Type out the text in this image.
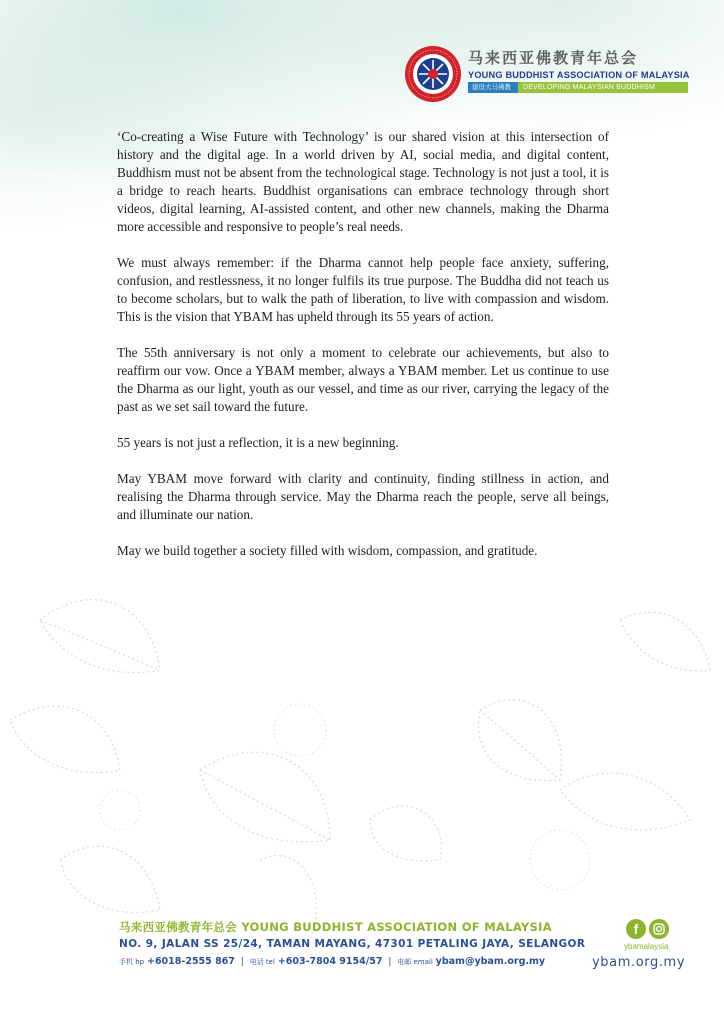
马来西亚佛教青年总会
YOUNG BUDDHIST ASSOCIATION OF MALAYSIA
建设大马佛教	DEVELOPING MALAYSIAN BUDDHISM

‘Co-creating a Wise Future with Technology’ is our shared vision at this intersection of history and the digital age. In a world driven by AI, social media, and digital content, Buddhism must not be absent from the technological stage. Technology is not just a tool, it is a bridge to reach hearts. Buddhist organisations can embrace technology through short videos, digital learning, AI-assisted content, and other new channels, making the Dharma more accessible and responsive to people’s real needs.

We must always remember: if the Dharma cannot help people face anxiety, suffering, confusion, and restlessness, it no longer fulfils its true purpose. The Buddha did not teach us to become scholars, but to walk the path of liberation, to live with compassion and wisdom. This is the vision that YBAM has upheld through its 55 years of action.

The 55th anniversary is not only a moment to celebrate our achievements, but also to reaffirm our vow. Once a YBAM member, always a YBAM member. Let us continue to use the Dharma as our light, youth as our vessel, and time as our river, carrying the legacy of the past as we set sail toward the future.

55 years is not just a reflection, it is a new beginning.

May YBAM move forward with clarity and continuity, finding stillness in action, and realising the Dharma through service. May the Dharma reach the people, serve all beings, and illuminate our nation.

May we build together a society filled with wisdom, compassion, and gratitude.

马来西亚佛教青年总会 YOUNG BUDDHIST ASSOCIATION OF MALAYSIA
NO. 9, JALAN SS 25/24, TAMAN MAYANG, 47301 PETALING JAYA, SELANGOR
手机 hp +6018-2555 867 | 电话 tel +603-7804 9154/57 | 电邮 email ybam@ybam.org.my
f
ybamalaysia
ybam.org.my
